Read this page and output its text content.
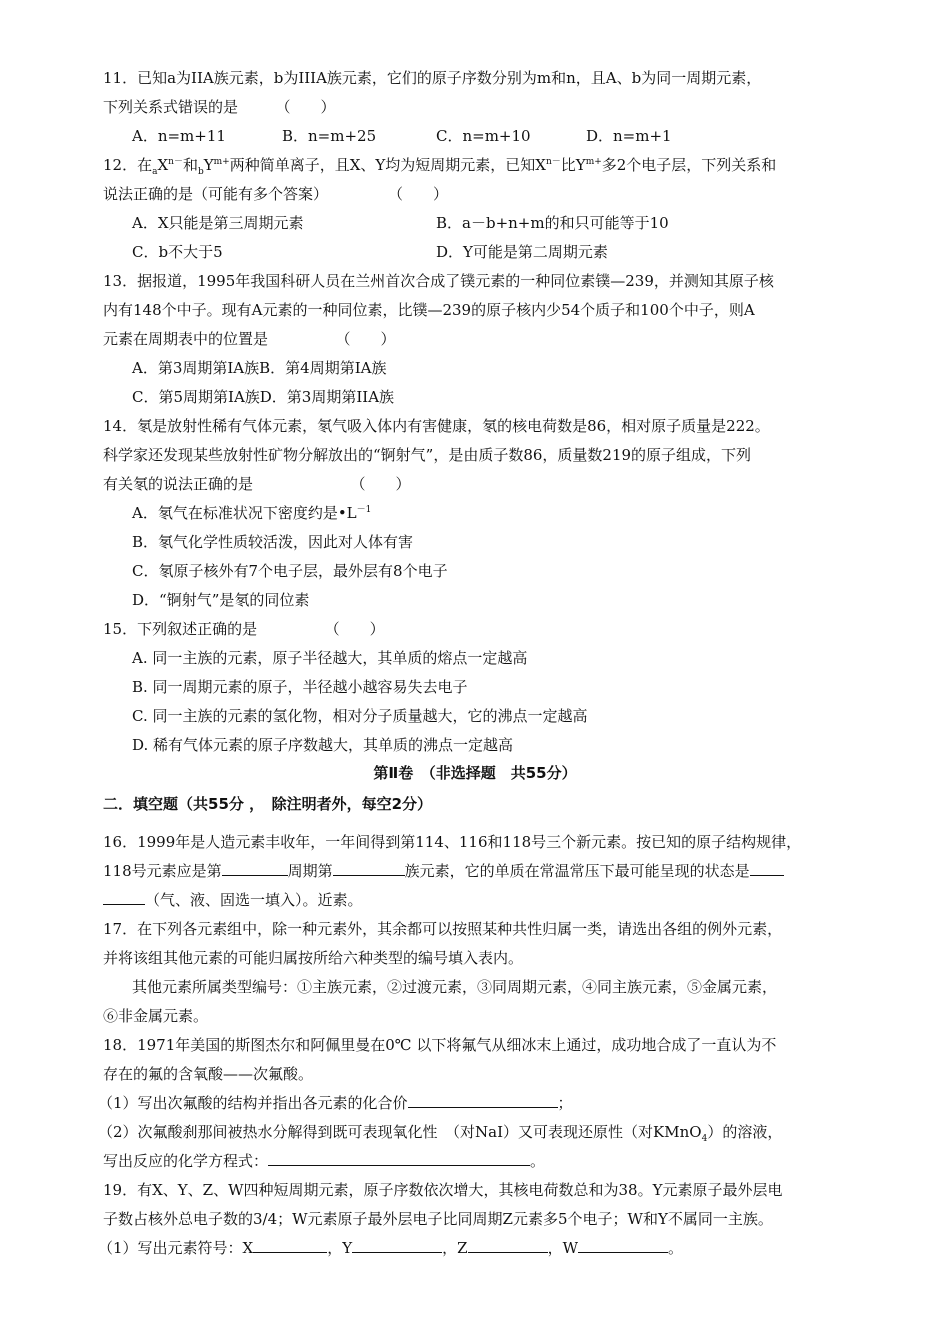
11．已知a为IIA族元素，b为IIIA族元素，它们的原子序数分别为m和n，且A、b为同一周期元素，
下列关系式错误的是　　　（　　）
A．n=m+11	B．n=m+25	C．n=m+10	D．n=m+1
12．在$_aX^{n-}$和$_bY^{m+}$两种简单离子，且X、Y均为短周期元素，已知$X^{n-}$比$Y^{m+}$多2个电子层，下列关系和
说法正确的是（可能有多个答案）　　　　　（　　）
A．X只能是第三周期元素	B．a－b+n+m的和只可能等于10
C．b不大于5	D．Y可能是第二周期元素
13．据报道，1995年我国科研人员在兰州首次合成了镤元素的一种同位素镤—239，并测知其原子核
内有148个中子。现有A元素的一种同位素，比镤—239的原子核内少54个质子和100个中子，则A
元素在周期表中的位置是　　　　　（　　）
A．第3周期第IA族B．第4周期第IA族
C．第5周期第IA族D．第3周期第IIA族
14．氡是放射性稀有气体元素，氡气吸入体内有害健康，氡的核电荷数是86，相对原子质量是222。
科学家还发现某些放射性矿物分解放出的“锕射气”，是由质子数86，质量数219的原子组成，下列
有关氡的说法正确的是　　　　　　　（　　）
A．氡气在标准状况下密度约是$•L^{-1}$
B．氡气化学性质较活泼，因此对人体有害
C．氡原子核外有7个电子层，最外层有8个电子
D．“锕射气”是氡的同位素
15．下列叙述正确的是　　　　　（　　）
A. 同一主族的元素，原子半径越大，其单质的熔点一定越高
B. 同一周期元素的原子，半径越小越容易失去电子
C. 同一主族的元素的氢化物，相对分子质量越大，它的沸点一定越高
D. 稀有气体元素的原子序数越大，其单质的沸点一定越高
第Ⅱ卷　（非选择题　共55分）
二．填空题（共55分 ，　除注明者外，每空2分）
16．1999年是人造元素丰收年，一年间得到第114、116和118号三个新元素。按已知的原子结构规律，
118号元素应是第	周期第	族元素，它的单质在常温常压下最可能呈现的状态是
（气、液、固选一填入）。近素。
17．在下列各元素组中，除一种元素外，其余都可以按照某种共性归属一类，请选出各组的例外元素，
并将该组其他元素的可能归属按所给六种类型的编号填入表内。
其他元素所属类型编号：①主族元素，②过渡元素，③同周期元素，④同主族元素，⑤金属元素，
⑥非金属元素。
18．1971年美国的斯图杰尔和阿佩里曼在0℃ 以下将氟气从细冰末上通过，成功地合成了一直认为不
存在的氟的含氧酸——次氟酸。
（1）写出次氟酸的结构并指出各元素的化合价	；
（2）次氟酸刹那间被热水分解得到既可表现氧化性　（对NaI）又可表现还原性（对KMnO$_4$）的溶液，
写出反应的化学方程式：	。
19．有X、Y、Z、W四种短周期元素，原子序数依次增大，其核电荷数总和为38。Y元素原子最外层电
子数占核外总电子数的3/4；W元素原子最外层电子比同周期Z元素多5个电子；W和Y不属同一主族。
（1）写出元素符号：X	，Y	，Z	，W	。
